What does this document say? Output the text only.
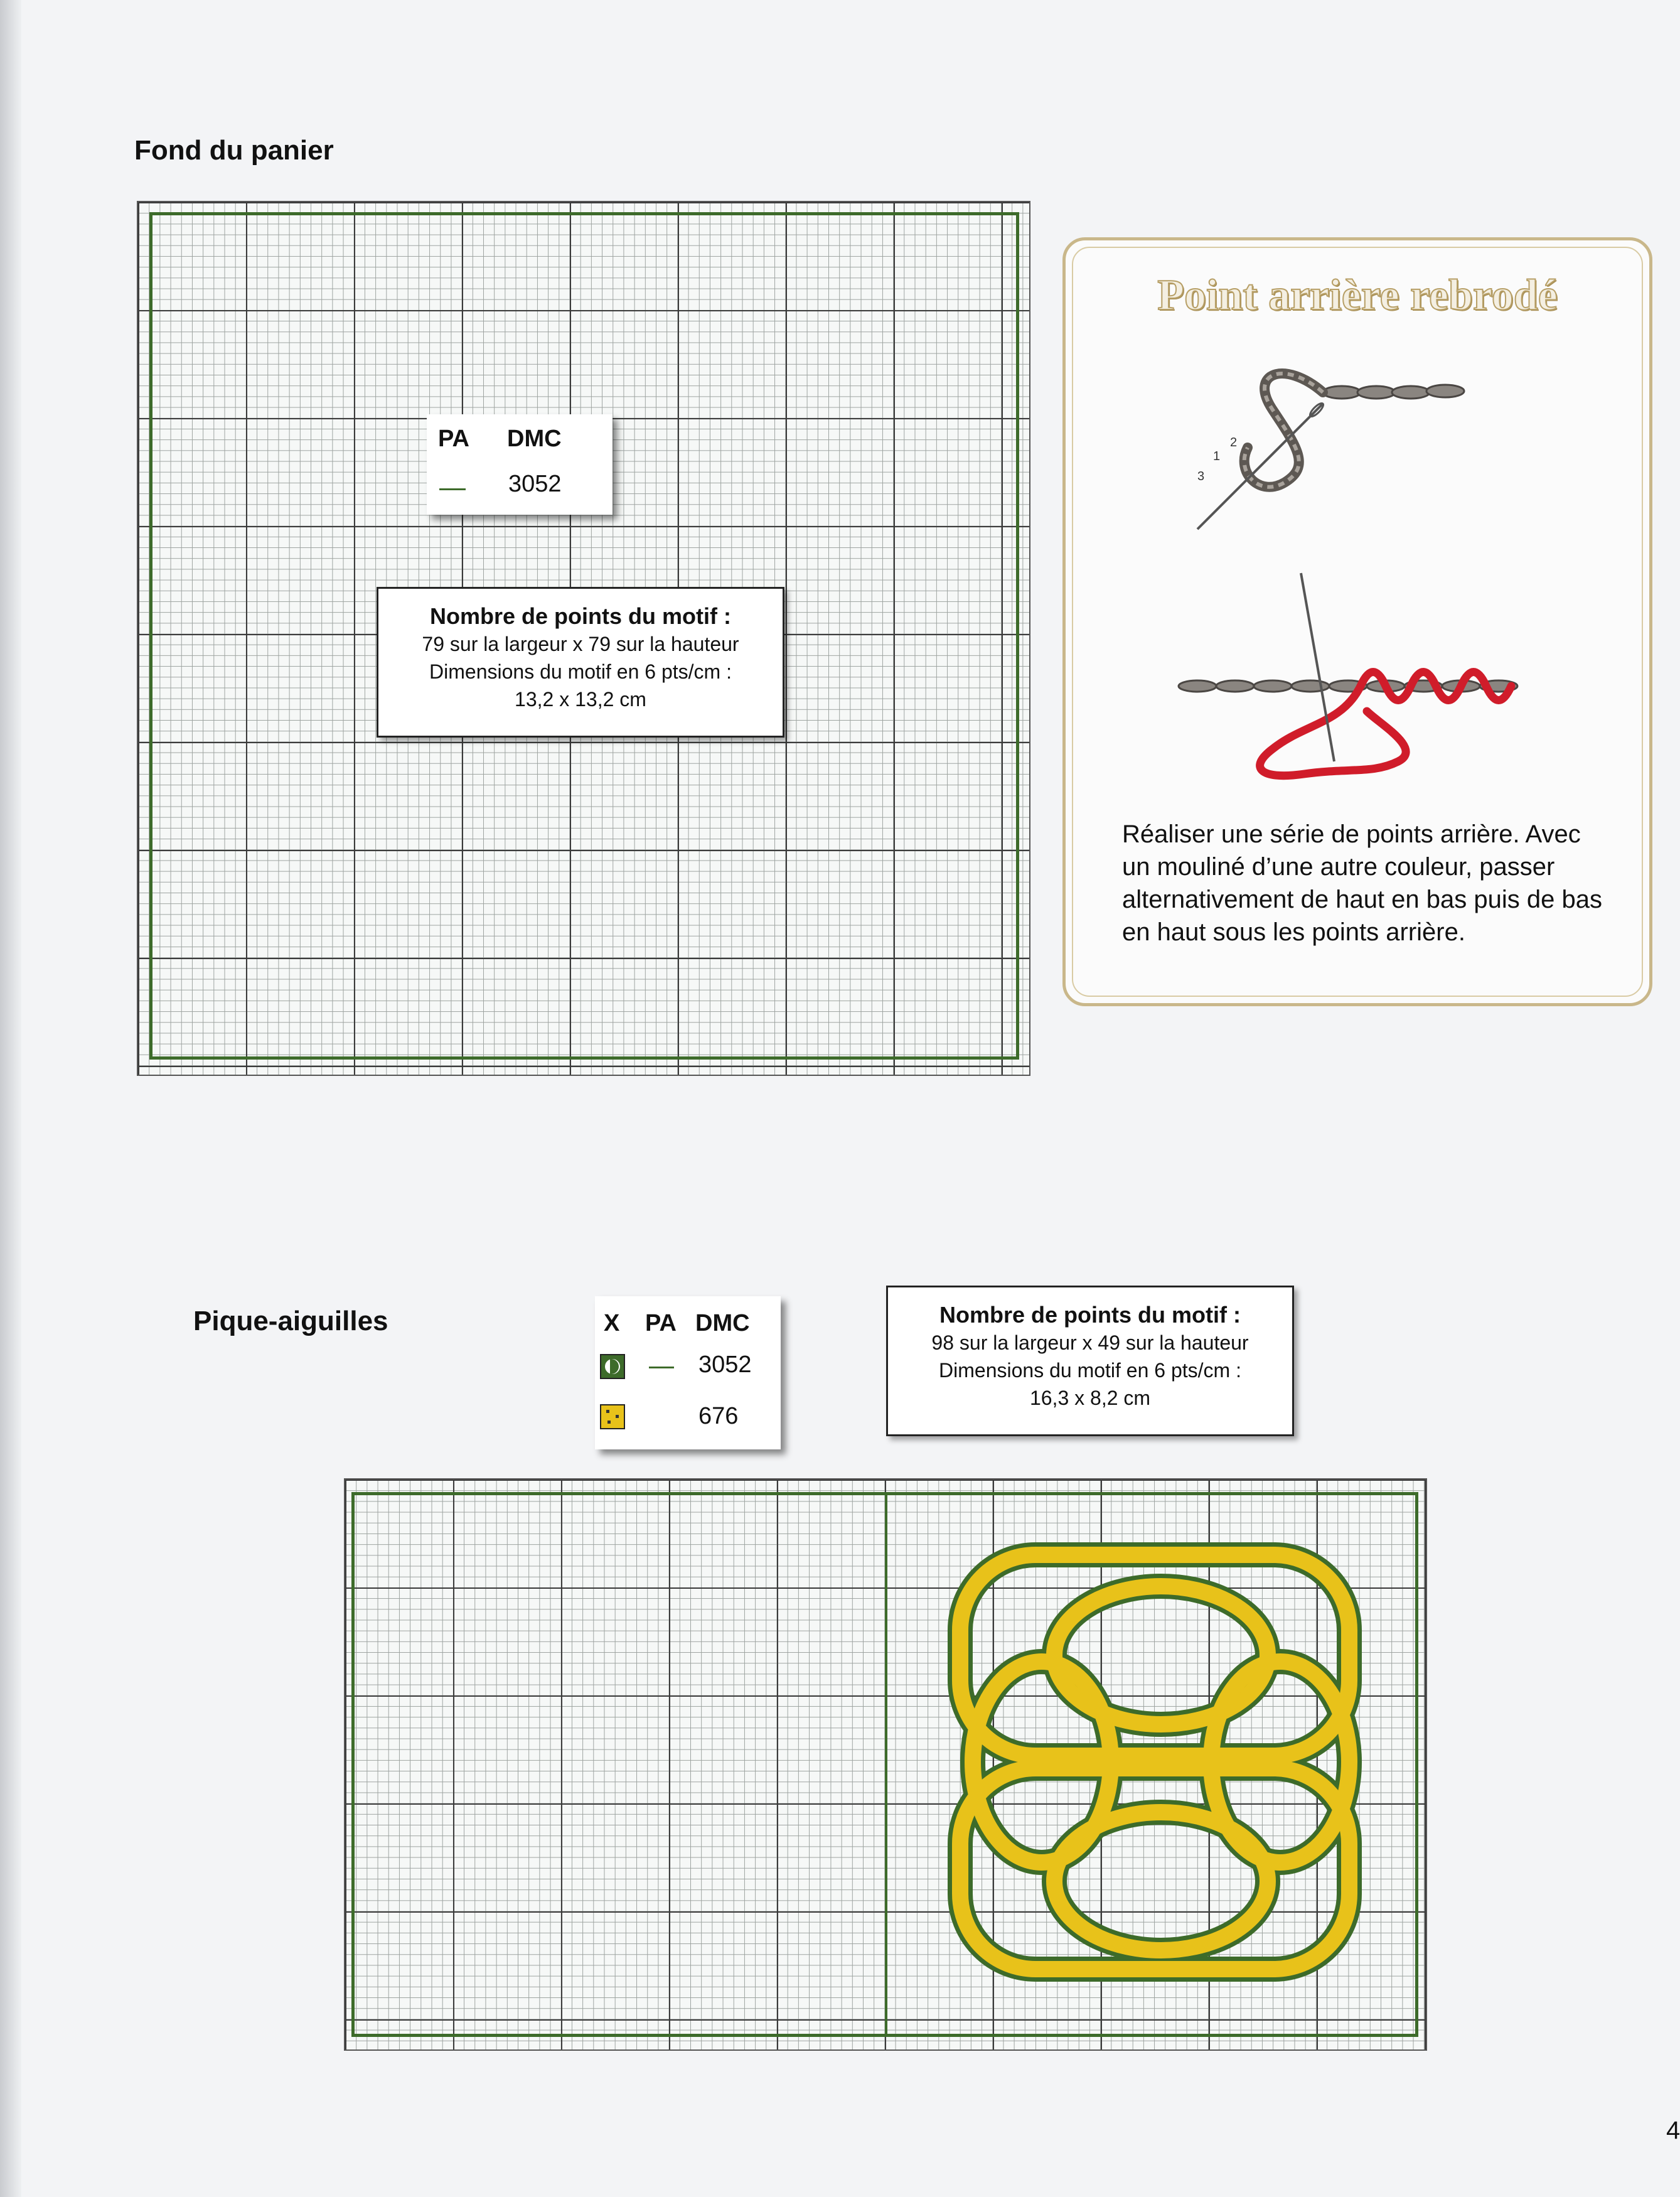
Fond du panier
PA DMC
3052
Nombre de points du motif :
79 sur la largeur x 79 sur la hauteur
Dimensions du motif en 6 pts/cm :
13,2 x 13,2 cm
Point arrière rebrodé
1
2
3
Réaliser une série de points arrière. Avec un mouliné d’une autre couleur, passer alternativement de haut en bas puis de bas en haut sous les points arrière.
Pique-aiguilles	X PA DMC
3052
676
Nombre de points du motif :
98 sur la largeur x 49 sur la hauteur
Dimensions du motif en 6 pts/cm :
16,3 x 8,2 cm
4
